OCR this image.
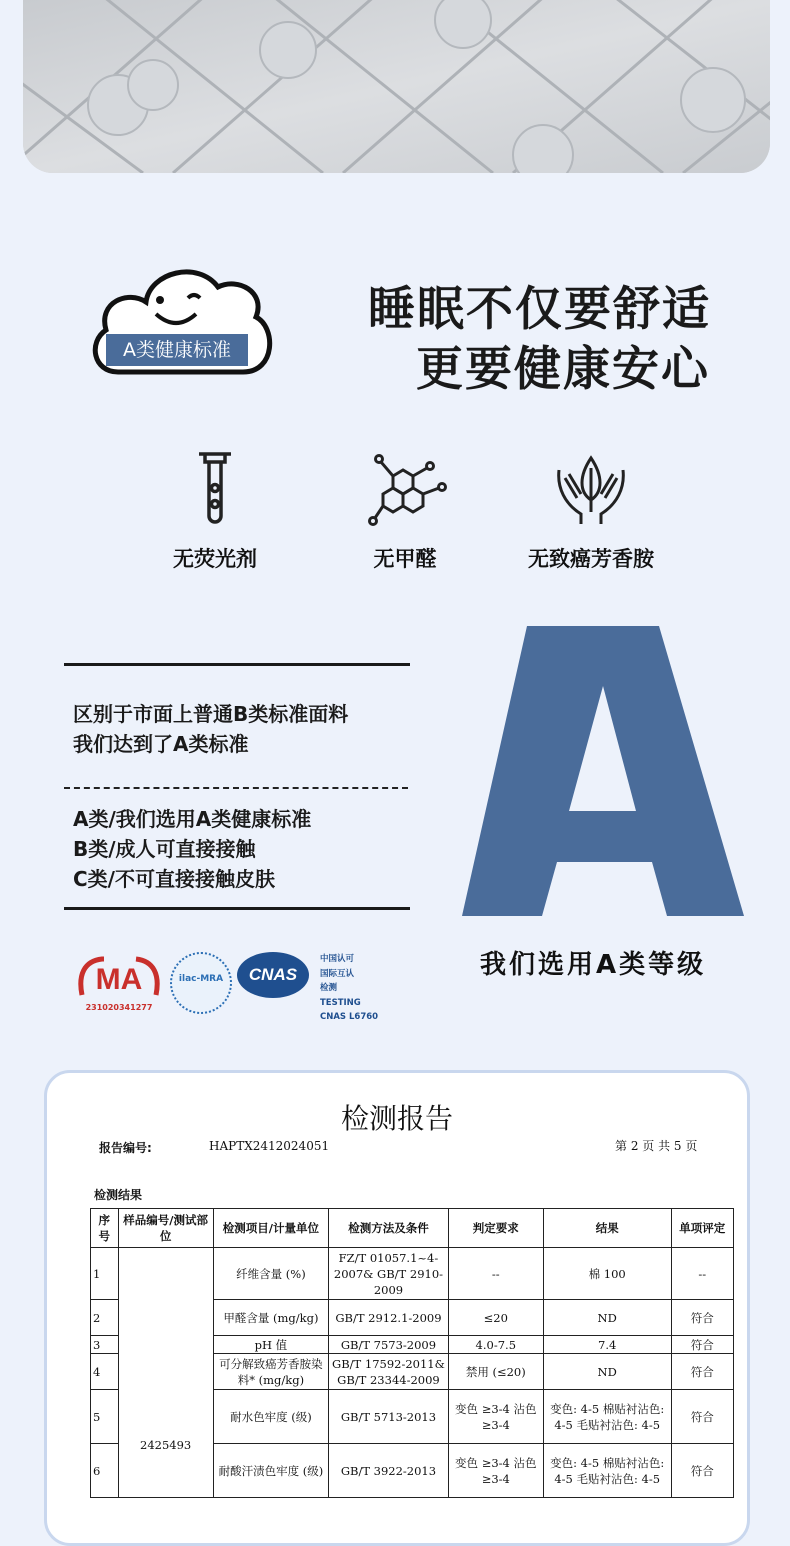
A类健康标准
睡眠不仅要舒适
更要健康安心
无荧光剂	无甲醛	无致癌芳香胺
区别于市面上普通B类标准面料
我们达到了A类标准
A类/我们选用A类健康标准
B类/成人可直接接触
C类/不可直接接触皮肤
我们选用A类等级
MA
231020341277
ilac-MRA	CNAS
中国认可
国际互认
检测
TESTING
CNAS L6760
检测报告
报告编号:	HAPTX2412024051	第 2 页 共 5 页
检测结果
序号	样品编号/测试部位	检测项目/计量单位	检测方法及条件	判定要求	结果	单项评定
1	2425493	纤维含量 (%)	FZ/T 01057.1~4-2007& GB/T 2910-2009	--	棉 100	--
2		甲醛含量 (mg/kg)	GB/T 2912.1-2009	≤20	ND	符合
3		pH 值	GB/T 7573-2009	4.0-7.5	7.4	符合
4		可分解致癌芳香胺染料* (mg/kg)	GB/T 17592-2011& GB/T 23344-2009	禁用 (≤20)	ND	符合
5		耐水色牢度 (级)	GB/T 5713-2013	变色 ≥3-4 沾色 ≥3-4	变色: 4-5 棉贴衬沾色: 4-5 毛贴衬沾色: 4-5	符合
6		耐酸汗渍色牢度 (级)	GB/T 3922-2013	变色 ≥3-4 沾色 ≥3-4	变色: 4-5 棉贴衬沾色: 4-5 毛贴衬沾色: 4-5	符合
